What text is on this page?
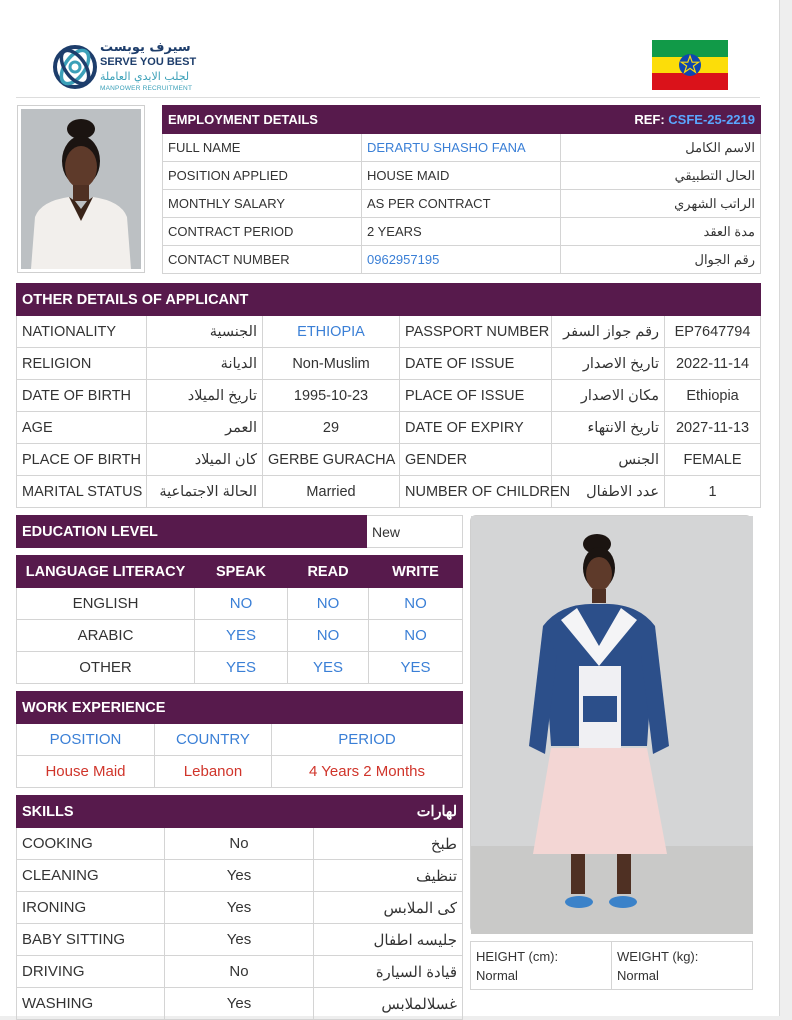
سيرف يوبست
SERVE YOU BEST
لجلب الايدي العاملة
MANPOWER RECRUITMENT
EMPLOYMENT DETAILS	REF: CSFE-25-2219	
FULL NAME	DERARTU SHASHO FANA	الاسم الكامل
POSITION APPLIED	HOUSE MAID	الحال التطبيقي
MONTHLY SALARY	AS PER CONTRACT	الراتب الشهري
CONTRACT PERIOD	2 YEARS	مدة العقد
CONTACT NUMBER	0962957195	رقم الجوال
OTHER DETAILS OF APPLICANT					
NATIONALITY	الجنسية	ETHIOPIA	PASSPORT NUMBER	رقم جواز السفر	EP7647794
RELIGION	الديانة	Non-Muslim	DATE OF ISSUE	تاريخ الاصدار	2022-11-14
DATE OF BIRTH	تاريخ الميلاد	1995-10-23	PLACE OF ISSUE	مكان الاصدار	Ethiopia
AGE	العمر	29	DATE OF EXPIRY	تاريخ الانتهاء	2027-11-13
PLACE OF BIRTH	كان الميلاد	GERBE GURACHA	GENDER	الجنس	FEMALE
MARITAL STATUS	الحالة الاجتماعية	Married	NUMBER OF CHILDREN	عدد الاطفال	1
EDUCATION LEVEL	New
LANGUAGE LITERACY	SPEAK	READ	WRITE
ENGLISH	NO	NO	NO
ARABIC	YES	NO	NO
OTHER	YES	YES	YES
WORK EXPERIENCE		
POSITION	COUNTRY	PERIOD
House Maid	Lebanon	4 Years 2 Months
SKILLS		لهارات
COOKING	No	طبخ
CLEANING	Yes	تنظيف
IRONING	Yes	كى الملابس
BABY SITTING	Yes	جليسه اطفال
DRIVING	No	قيادة السيارة
WASHING	Yes	غسلالملابس
HEIGHT (cm):
Normal

WEIGHT (kg):
Normal
